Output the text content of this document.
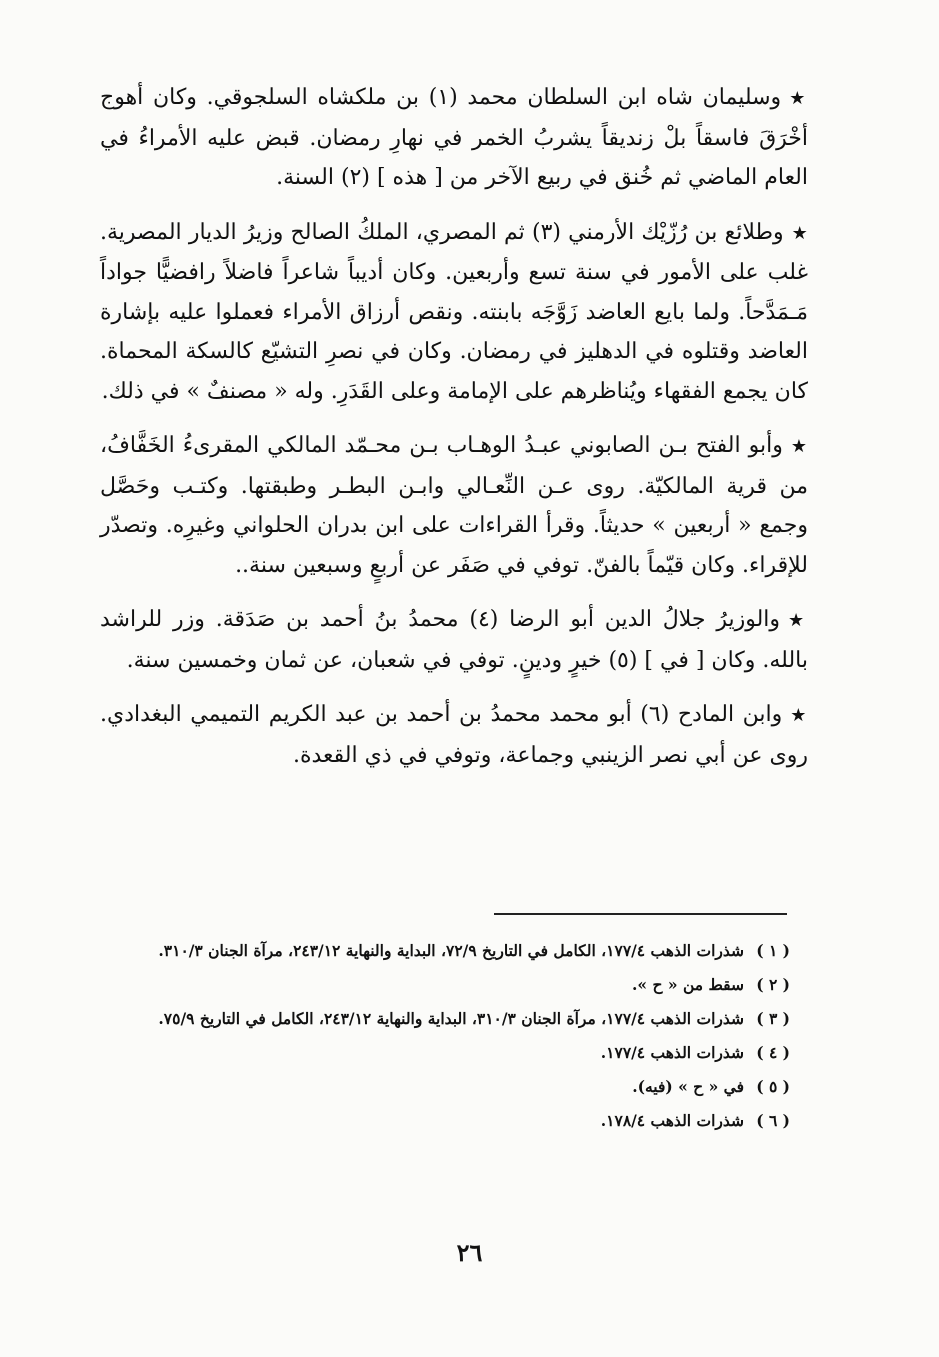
★وسليمان شاه ابن السلطان محمد (١) بن ملكشاه السلجوقي. وكان أهوج أخْرَقَ فاسقاً بلْ زنديقاً يشربُ الخمر في نهارِ رمضان. قبض عليه الأمراءُ في العام الماضي ثم خُنق في ربيع الآخر من [ هذه ] (٢) السنة.

★وطلائع بن رُزّيْك الأرمني (٣) ثم المصري، الملكُ الصالح وزيرُ الديار المصرية. غلب على الأمور في سنة تسع وأربعين. وكان أديباً شاعراً فاضلاً رافضيًّا جواداً مَـمَدَّحاً. ولما بايع العاضد زَوَّجَه بابنته. ونقص أرزاق الأمراء فعملوا عليه بإشارة العاضد وقتلوه في الدهليز في رمضان. وكان في نصرِ التشيّع كالسكة المحماة. كان يجمع الفقهاء ويُناظرهم على الإمامة وعلى القَدَرِ. وله « مصنفٌ » في ذلك.

★وأبو الفتح بـن الصابوني عبـدُ الوهـاب بـن محـمّد المالكي المقرىءُ الخَفَّافُ، من قرية المالكيّة. روى عـن النِّعـالي وابـن البطـر وطبقتها. وكتـب وحَصَّل وجمع « أربعين » حديثاً. وقرأ القراءات على ابن بدران الحلواني وغيرِه. وتصدّر للإقراء. وكان قيّماً بالفنّ. توفي في صَفَر عن أربعٍ وسبعين سنة..

★والوزيرُ جلالُ الدين أبو الرضا (٤) محمدُ بنُ أحمد بن صَدَقة. وزر للراشد بالله. وكان [ في ] (٥) خيرٍ ودينٍ. توفي في شعبان، عن ثمان وخمسين سنة.

★وابن المادح (٦) أبو محمد محمدُ بن أحمد بن عبد الكريم التميمي البغدادي. روى عن أبي نصر الزينبي وجماعة، وتوفي في ذي القعدة.

( ١ )
شذرات الذهب ١٧٧/٤، الكامل في التاريخ ٧٢/٩، البداية والنهاية ٢٤٣/١٢، مرآة الجنان ٣١٠/٣.
( ٢ )
سقط من « ح ».
( ٣ )
شذرات الذهب ١٧٧/٤، مرآة الجنان ٣١٠/٣، البداية والنهاية ٢٤٣/١٢، الكامل في التاريخ ٧٥/٩.
( ٤ )
شذرات الذهب ١٧٧/٤.
( ٥ )
في « ح » (فيه).
( ٦ )
شذرات الذهب ١٧٨/٤.
٢٦
